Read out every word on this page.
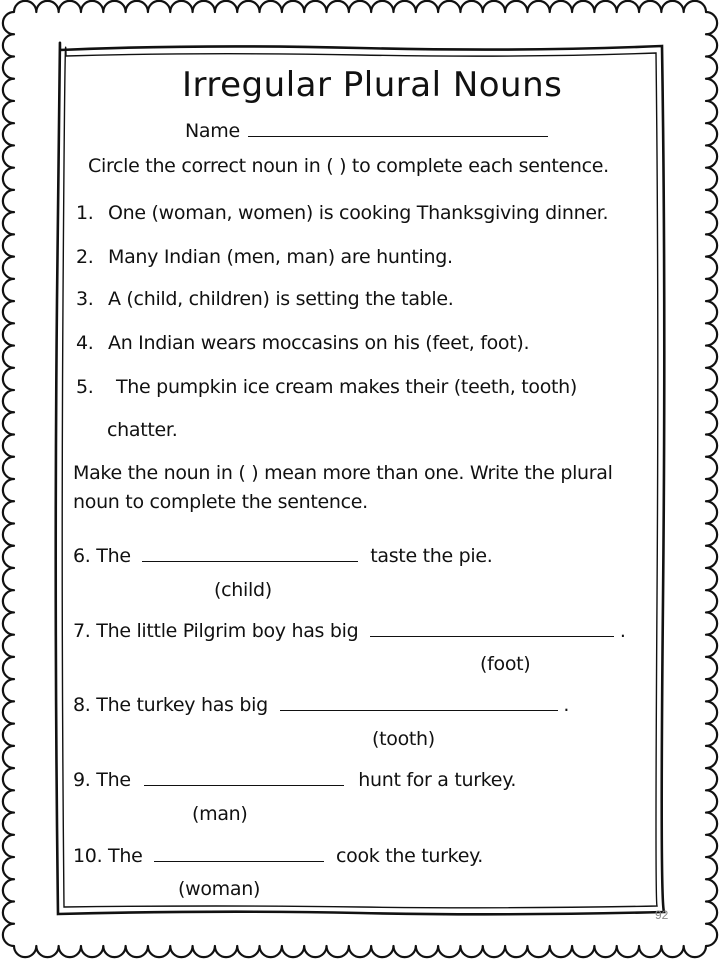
Irregular Plural Nouns
Name
Circle the correct noun in ( ) to complete each sentence.
1. One (woman, women) is cooking Thanksgiving dinner.
2. Many Indian (men, man) are hunting.
3. A (child, children) is setting the table.
4. An Indian wears moccasins on his (feet, foot).
5. The pumpkin ice cream makes their (teeth, tooth)
chatter.
Make the noun in ( ) mean more than one. Write the plural
noun to complete the sentence.
6. The	taste the pie.
(child)
7. The little Pilgrim boy has big	.
(foot)
8. The turkey has big	.
(tooth)
9. The	hunt for a turkey.
(man)
10. The	cook the turkey.
(woman)
92
